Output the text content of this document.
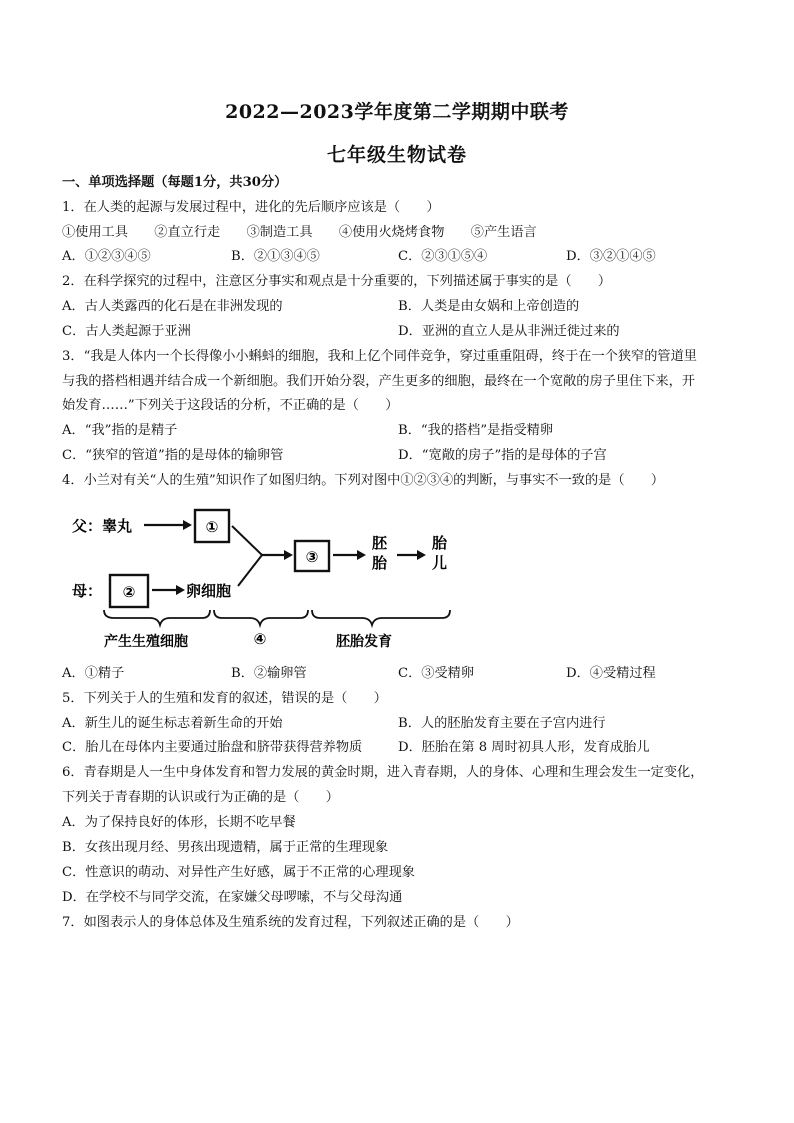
2022—2023学年度第二学期期中联考
七年级生物试卷
一、单项选择题（每题1分，共30分）
1．在人类的起源与发展过程中，进化的先后顺序应该是（　　）
①使用工具　　②直立行走　　③制造工具　　④使用火烧烤食物　　⑤产生语言
A．①②③④⑤	B．②①③④⑤	C．②③①⑤④	D．③②①④⑤
2．在科学探究的过程中，注意区分事实和观点是十分重要的，下列描述属于事实的是（　　）
A．古人类露西的化石是在非洲发现的	B．人类是由女娲和上帝创造的
C．古人类起源于亚洲	D．亚洲的直立人是从非洲迁徙过来的
3．“我是人体内一个长得像小小蝌蚪的细胞，我和上亿个同伴竞争，穿过重重阻碍，终于在一个狭窄的管道里
与我的搭档相遇并结合成一个新细胞。我们开始分裂，产生更多的细胞，最终在一个宽敞的房子里住下来，开
始发育……”下列关于这段话的分析，不正确的是（　　）
A．“我”指的是精子	B．“我的搭档”是指受精卵
C．“狭窄的管道”指的是母体的输卵管	D．“宽敞的房子”指的是母体的子宫
4．小兰对有关“人的生殖”知识作了如图归纳。下列对图中①②③④的判断，与事实不一致的是（　　）
父：睾丸	①
母： ②	卵细胞
③
胚
胎
胎
儿
产生生殖细胞	④	胚胎发育
A．①精子	B．②输卵管	C．③受精卵	D．④受精过程
5．下列关于人的生殖和发育的叙述，错误的是（　　）
A．新生儿的诞生标志着新生命的开始	B．人的胚胎发育主要在子宫内进行
C．胎儿在母体内主要通过胎盘和脐带获得营养物质	D．胚胎在第 8 周时初具人形，发育成胎儿
6．青春期是人一生中身体发育和智力发展的黄金时期，进入青春期，人的身体、心理和生理会发生一定变化，
下列关于青春期的认识或行为正确的是（　　）
A．为了保持良好的体形，长期不吃早餐
B．女孩出现月经、男孩出现遗精，属于正常的生理现象
C．性意识的萌动、对异性产生好感，属于不正常的心理现象
D．在学校不与同学交流，在家嫌父母啰嗦，不与父母沟通
7．如图表示人的身体总体及生殖系统的发育过程，下列叙述正确的是（　　）
